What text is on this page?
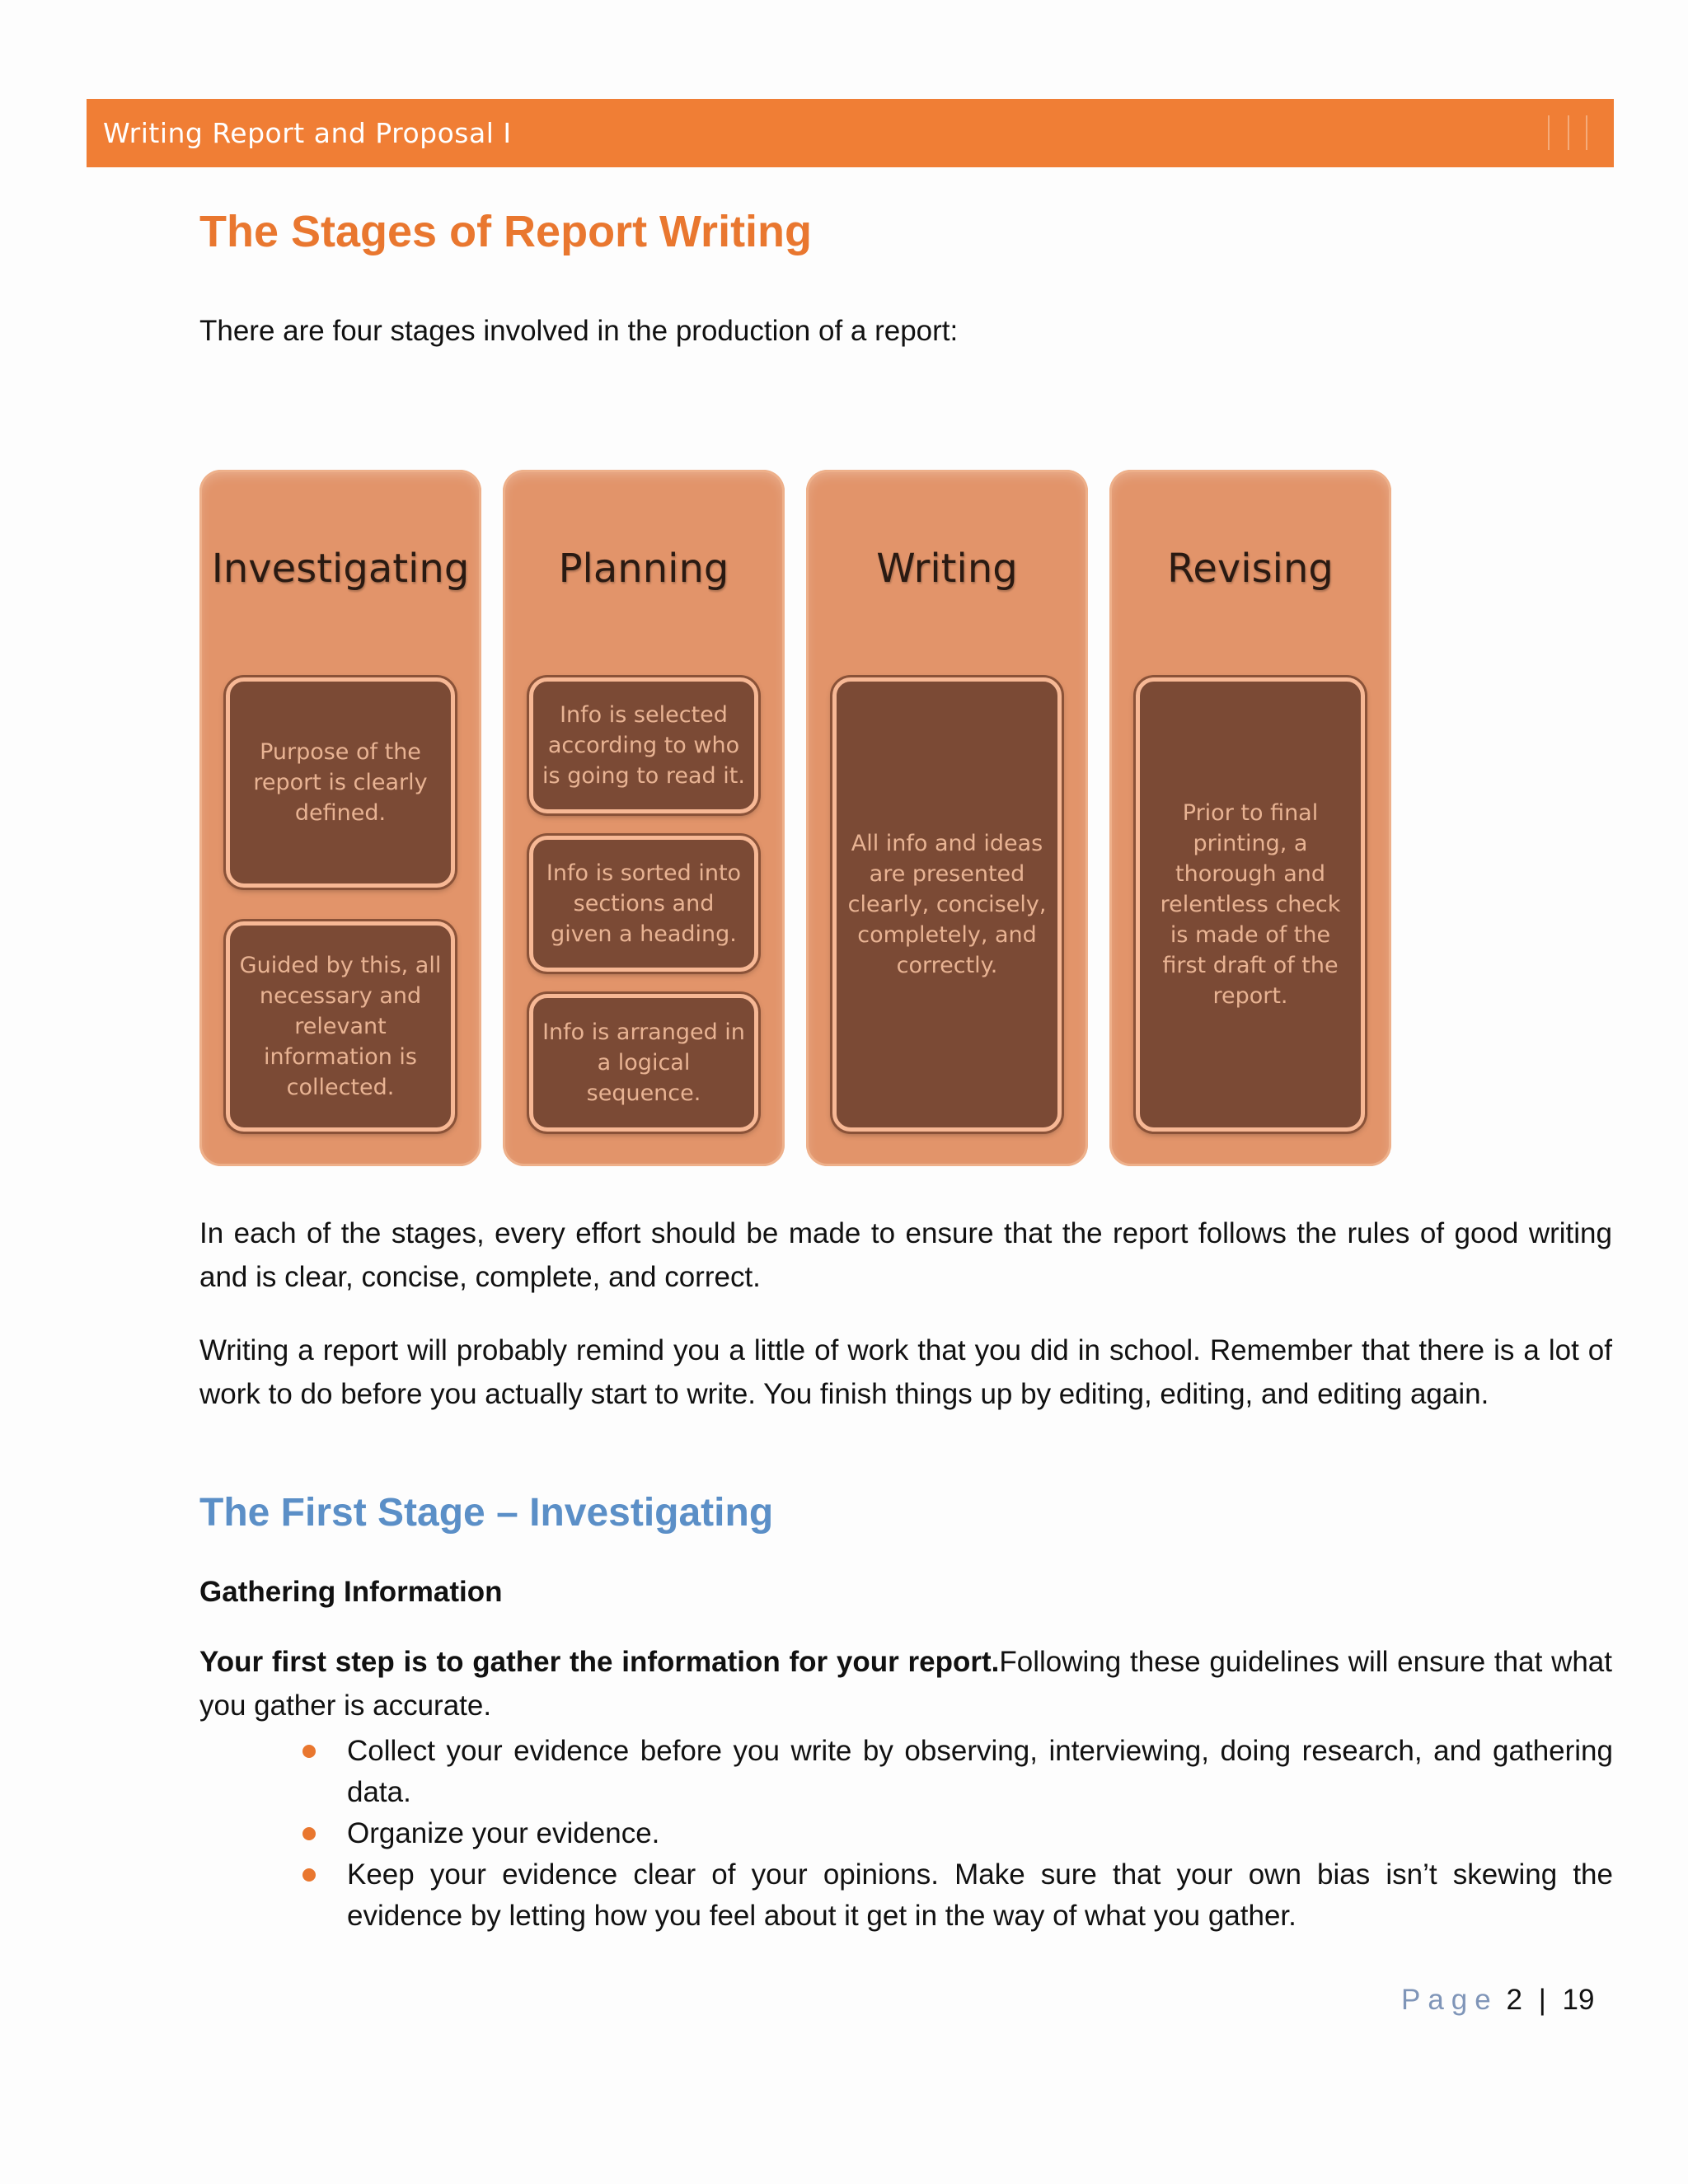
Writing Report and Proposal I
The Stages of Report Writing
There are four stages involved in the production of a report:
Investigating
Purpose of the report is clearly defined.
Guided by this, all necessary and relevant information is collected.
Planning
Info is selected according to who is going to read it.
Info is sorted into sections and given a heading.
Info is arranged in a logical sequence.
Writing
All info and ideas are presented clearly, concisely, completely, and correctly.
Revising
Prior to final printing, a thorough and relentless check is made of the first draft of the report.
In each of the stages, every effort should be made to ensure that the report follows the rules of good writing and is clear, concise, complete, and correct.
Writing a report will probably remind you a little of work that you did in school. Remember that there is a lot of work to do before you actually start to write. You finish things up by editing, editing, and editing again.
The First Stage – Investigating
Gathering Information
Your first step is to gather the information for your report.Following these guidelines will ensure that what you gather is accurate.
Collect your evidence before you write by observing, interviewing, doing research, and gathering data.
Organize your evidence.
Keep your evidence clear of your opinions. Make sure that your own bias isn’t skewing the evidence by letting how you feel about it get in the way of what you gather.
Page 2 | 19
